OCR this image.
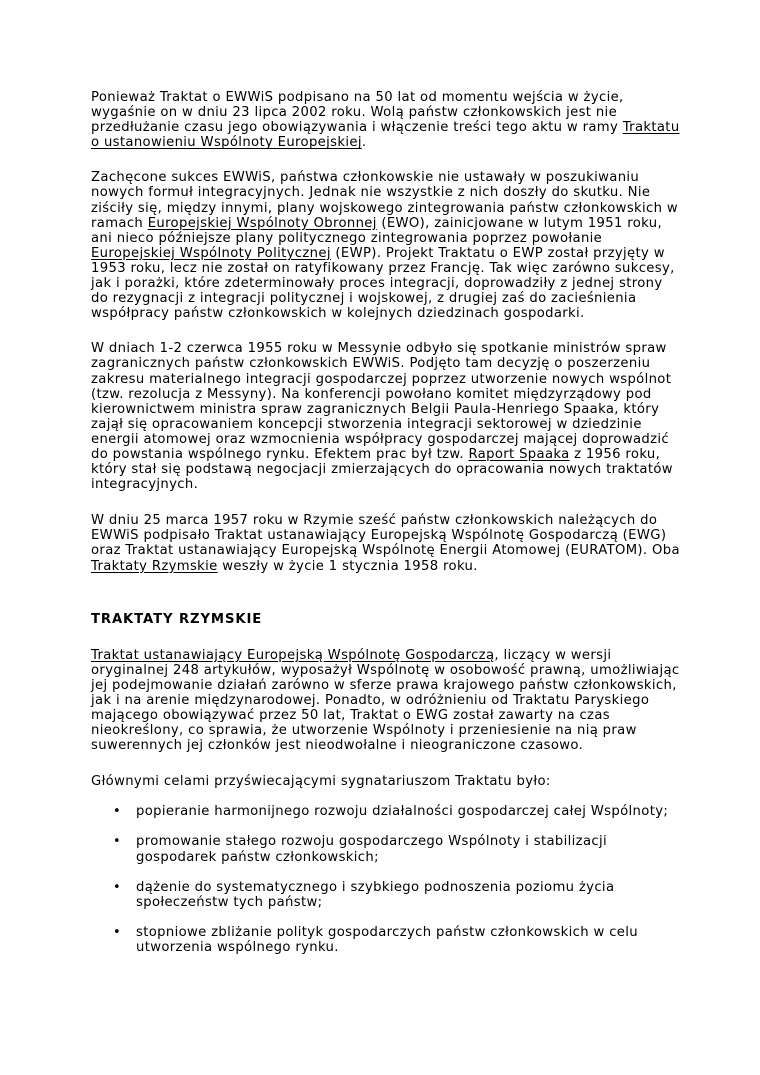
Ponieważ Traktat o EWWiS podpisano na 50 lat od momentu wejścia w życie, wygaśnie on w dniu 23 lipca 2002 roku. Wolą państw członkowskich jest nie przedłużanie czasu jego obowiązywania i włączenie treści tego aktu w ramy Traktatu o ustanowieniu Wspólnoty Europejskiej.

Zachęcone sukces EWWiS, państwa członkowskie nie ustawały w poszukiwaniu nowych formuł integracyjnych. Jednak nie wszystkie z nich doszły do skutku. Nie ziściły się, między innymi, plany wojskowego zintegrowania państw członkowskich w ramach Europejskiej Wspólnoty Obronnej (EWO), zainicjowane w lutym 1951 roku, ani nieco późniejsze plany politycznego zintegrowania poprzez powołanie Europejskiej Wspólnoty Politycznej (EWP). Projekt Traktatu o EWP został przyjęty w 1953 roku, lecz nie został on ratyfikowany przez Francję. Tak więc zarówno sukcesy, jak i porażki, które zdeterminowały proces integracji, doprowadziły z jednej strony do rezygnacji z integracji politycznej i wojskowej, z drugiej zaś do zacieśnienia współpracy państw członkowskich w kolejnych dziedzinach gospodarki.

W dniach 1-2 czerwca 1955 roku w Messynie odbyło się spotkanie ministrów spraw zagranicznych państw członkowskich EWWiS. Podjęto tam decyzję o poszerzeniu zakresu materialnego integracji gospodarczej poprzez utworzenie nowych wspólnot (tzw. rezolucja z Messyny). Na konferencji powołano komitet międzyrządowy pod kierownictwem ministra spraw zagranicznych Belgii Paula-Henriego Spaaka, który zajął się opracowaniem koncepcji stworzenia integracji sektorowej w dziedzinie energii atomowej oraz wzmocnienia współpracy gospodarczej mającej doprowadzić do powstania wspólnego rynku. Efektem prac był tzw. Raport Spaaka z 1956 roku, który stał się podstawą negocjacji zmierzających do opracowania nowych traktatów integracyjnych.

W dniu 25 marca 1957 roku w Rzymie sześć państw członkowskich należących do EWWiS podpisało Traktat ustanawiający Europejską Wspólnotę Gospodarczą (EWG) oraz Traktat ustanawiający Europejską Wspólnotę Energii Atomowej (EURATOM). Oba Traktaty Rzymskie weszły w życie 1 stycznia 1958 roku.

TRAKTATY RZYMSKIE

Traktat ustanawiający Europejską Wspólnotę Gospodarczą, liczący w wersji oryginalnej 248 artykułów, wyposażył Wspólnotę w osobowość prawną, umożliwiając jej podejmowanie działań zarówno w sferze prawa krajowego państw członkowskich, jak i na arenie międzynarodowej. Ponadto, w odróżnieniu od Traktatu Paryskiego mającego obowiązywać przez 50 lat, Traktat o EWG został zawarty na czas nieokreślony, co sprawia, że utworzenie Wspólnoty i przeniesienie na nią praw suwerennych jej członków jest nieodwołalne i nieograniczone czasowo.

Głównymi celami przyświecającymi sygnatariuszom Traktatu było:

• popieranie harmonijnego rozwoju działalności gospodarczej całej Wspólnoty;
• promowanie stałego rozwoju gospodarczego Wspólnoty i stabilizacji gospodarek państw członkowskich;
• dążenie do systematycznego i szybkiego podnoszenia poziomu życia społeczeństw tych państw;
• stopniowe zbliżanie polityk gospodarczych państw członkowskich w celu utworzenia wspólnego rynku.
